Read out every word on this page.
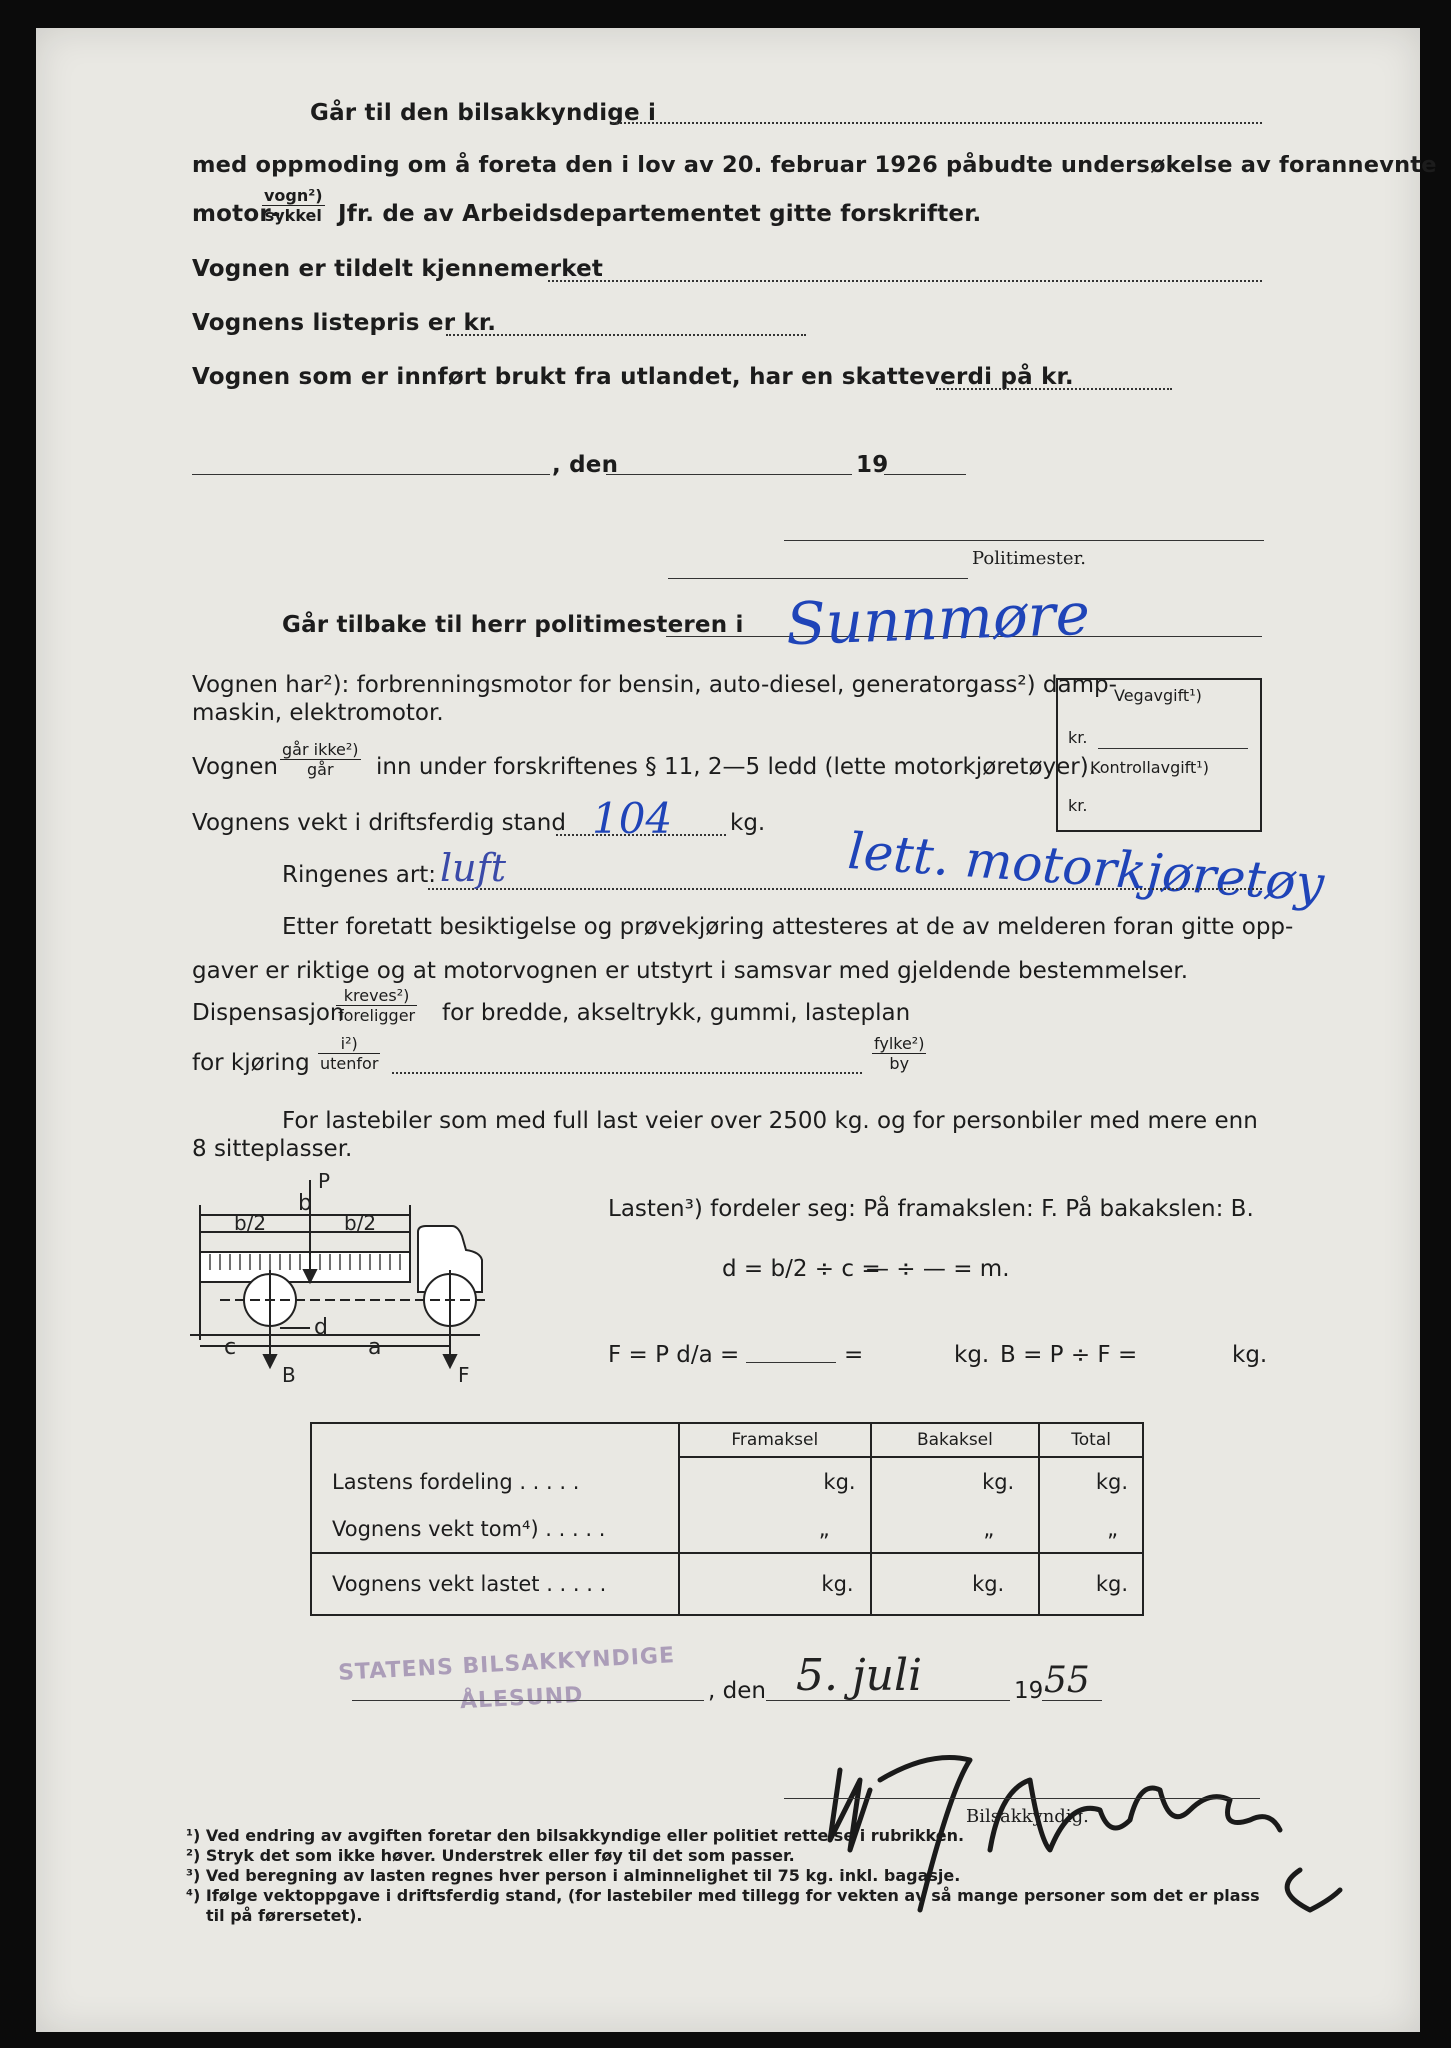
Går til den bilsakkyndige i
med oppmoding om å foreta den i lov av 20. februar 1926 påbudte undersøkelse av forannevnte
motor-
vogn²)
sykkel Jfr. de av Arbeidsdepartementet gitte forskrifter.
Vognen er tildelt kjennemerket
Vognens listepris er kr.
Vognen som er innført brukt fra utlandet, har en skatteverdi på kr.
, den	19
Politimester.
Går tilbake til herr politimesteren i Sunnmøre
Vognen har²): forbrenningsmotor for bensin, auto-diesel, generatorgass²) damp-
maskin, elektromotor.
Vegavgift¹)
kr.
Kontrollavgift¹)
kr.
Vognen
går ikke²)
går	inn under forskriftenes § 11, 2—5 ledd (lette motorkjøretøyer).
Vognens vekt i driftsferdig stand 104	kg. lett. motorkjøretøy
Ringenes art: luft
Etter foretatt besiktigelse og prøvekjøring attesteres at de av melderen foran gitte opp-
gaver er riktige og at motorvognen er utstyrt i samsvar med gjeldende bestemmelser.
Dispensasjon
kreves²)
foreligger for bredde, akseltrykk, gummi, lasteplan
for kjøring
i²)
utenfor
fylke²)
by
For lastebiler som med full last veier over 2500 kg. og for personbiler med mere enn
8 sitteplasser.
P
b
b/2	b/2
c	a
d
B	F
Lasten³) fordeler seg: På framakslen: F. På bakakslen: B.
d = b/2 ÷ c =
— ÷ — = m.
F = P d/a =	=	kg. B = P ÷ F =	kg.
	Framaksel	Bakaksel	Total
Lastens fordeling . . . . .	kg.	kg.	kg.
Vognens vekt tom⁴) . . . . .	„	„	„
Vognens vekt lastet . . . . .	kg.	kg.	kg.
STATENS BILSAKKYNDIGE
ÅLESUND	, den 5. juli	19 55
Bilsakkyndig.
¹) Ved endring av avgiften foretar den bilsakkyndige eller politiet rettelse i rubrikken.
²) Stryk det som ikke høver. Understrek eller føy til det som passer.
³) Ved beregning av lasten regnes hver person i alminnelighet til 75 kg. inkl. bagasje.
⁴) Ifølge vektoppgave i driftsferdig stand, (for lastebiler med tillegg for vekten av så mange personer som det er plass
til på førersetet).
